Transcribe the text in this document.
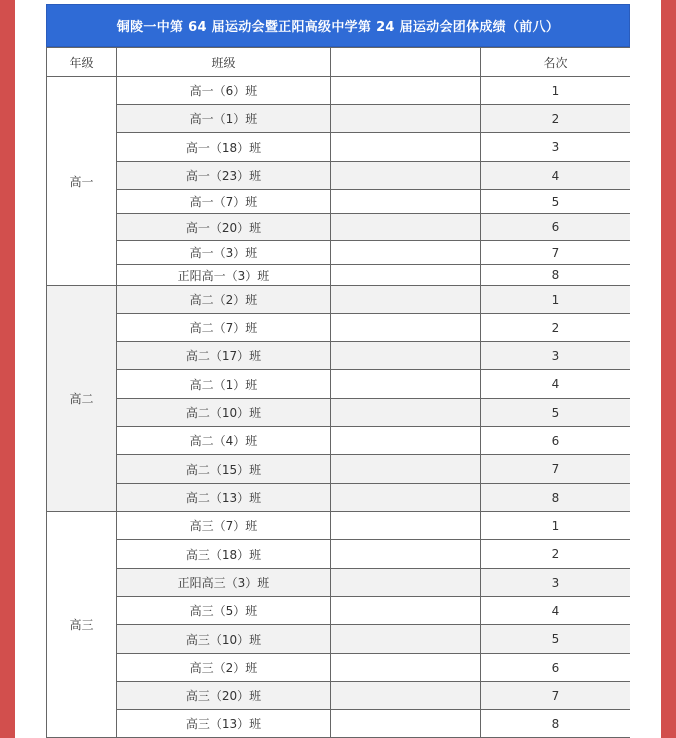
铜陵一中第 64 届运动会暨正阳高级中学第 24 届运动会团体成绩（前八）
年级	班级		名次
高一	高一（6）班		1
	高一（1）班		2
	高一（18）班		3
	高一（23）班		4
	高一（7）班		5
	高一（20）班		6
	高一（3）班		7
	正阳高一（3）班		8
高二	高二（2）班		1
	高二（7）班		2
	高二（17）班		3
	高二（1）班		4
	高二（10）班		5
	高二（4）班		6
	高二（15）班		7
	高二（13）班		8
高三	高三（7）班		1
	高三（18）班		2
	正阳高三（3）班		3
	高三（5）班		4
	高三（10）班		5
	高三（2）班		6
	高三（20）班		7
	高三（13）班		8
